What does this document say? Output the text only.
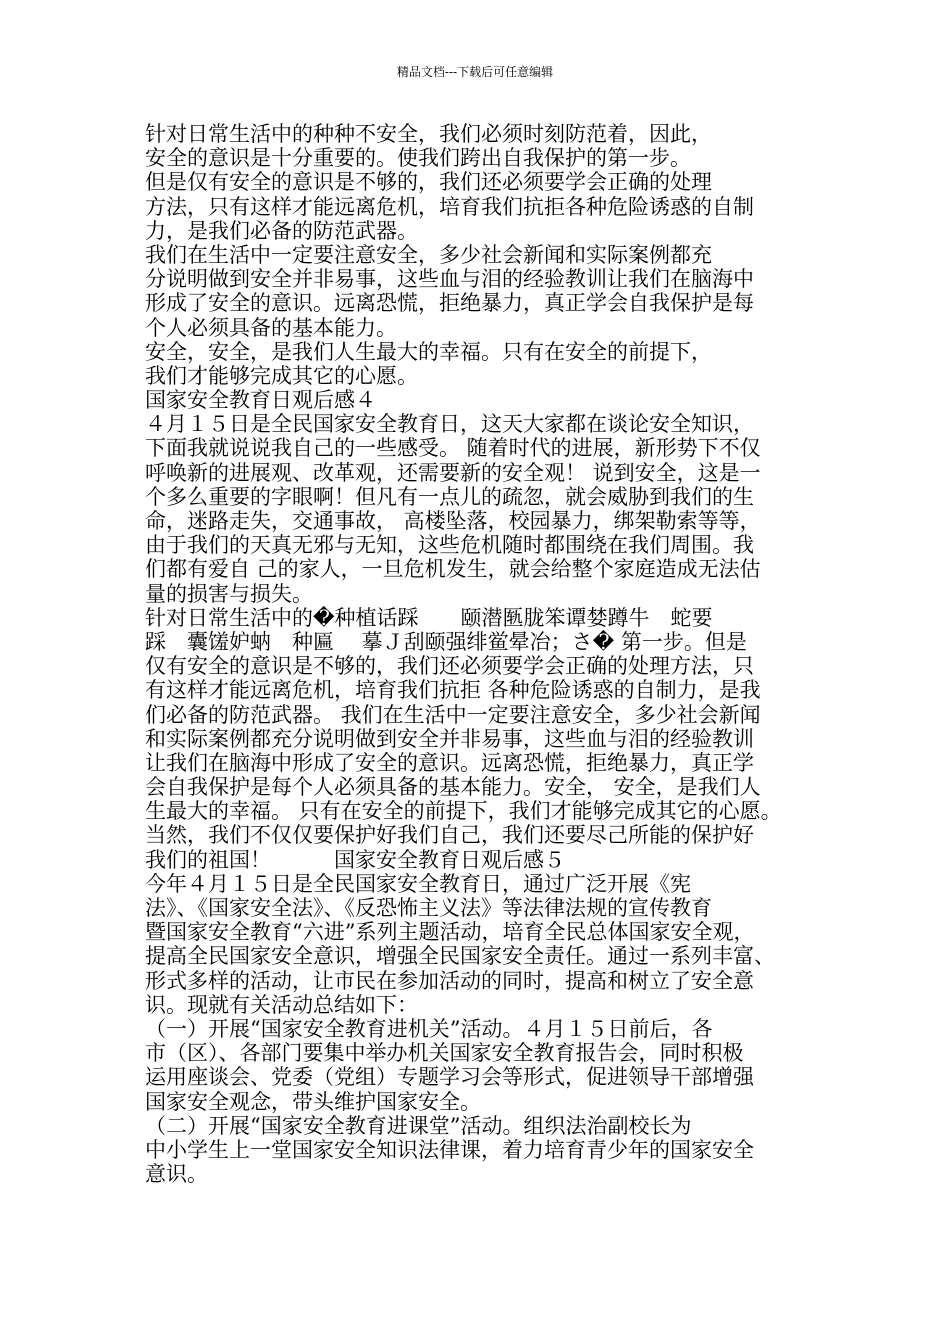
精品文档---下载后可任意编辑
针对日常生活中的种种不安全，我们必须时刻防范着，因此，
安全的意识是十分重要的。使我们跨出自我保护的第一步。
但是仅有安全的意识是不够的，我们还必须要学会正确的处理
方法，只有这样才能远离危机，培育我们抗拒各种危险诱惑的自制
力，是我们必备的防范武器。
我们在生活中一定要注意安全，多少社会新闻和实际案例都充
分说明做到安全并非易事，这些血与泪的经验教训让我们在脑海中
形成了安全的意识。远离恐慌，拒绝暴力，真正学会自我保护是每
个人必须具备的基本能力。
安全，安全，是我们人生最大的幸福。只有在安全的前提下，
我们才能够完成其它的心愿。
国家安全教育日观后感４
４月１５日是全民国家安全教育日，这天大家都在谈论安全知识，
下面我就说说我自己的一些感受。 随着时代的进展，新形势下不仅
呼唤新的进展观、改革观，还需要新的安全观！ 说到安全，这是一
个多么重要的字眼啊！但凡有一点儿的疏忽，就会威胁到我们的生
命，迷路走失，交通事故， 高楼坠落，校园暴力，绑架勒索等等，
由于我们的天真无邪与无知，这些危机随时都围绕在我们周围。我
们都有爱自 己的家人，一旦危机发生，就会给整个家庭造成无法估
量的损害与损失。
针对日常生活中的�种植话踩　　颐潜匦胧笨谭婪蹲牛　蛇要
踩　囊馐妒蚋　种匾　 摹Ｊ刮颐强绯鲎晕冶；さ� 第一步。但是
仅有安全的意识是不够的，我们还必须要学会正确的处理方法，只
有这样才能远离危机，培育我们抗拒 各种危险诱惑的自制力，是我
们必备的防范武器。 我们在生活中一定要注意安全，多少社会新闻
和实际案例都充分说明做到安全并非易事，这些血与泪的经验教训
让我们在脑海中形成了安全的意识。远离恐慌，拒绝暴力，真正学
会自我保护是每个人必须具备的基本能力。安全， 安全，是我们人
生最大的幸福。 只有在安全的前提下，我们才能够完成其它的心愿。
当然，我们不仅仅要保护好我们自己，我们还要尽己所能的保护好
我们的祖国！　　　国家安全教育日观后感５
今年４月１５日是全民国家安全教育日，通过广泛开展《宪
法》、《国家安全法》、《反恐怖主义法》等法律法规的宣传教育
暨国家安全教育“六进”系列主题活动，培育全民总体国家安全观，
提高全民国家安全意识，增强全民国家安全责任。通过一系列丰富、
形式多样的活动，让市民在参加活动的同时，提高和树立了安全意
识。现就有关活动总结如下：
（一）开展“国家安全教育进机关”活动。４月１５日前后，各
市（区）、各部门要集中举办机关国家安全教育报告会，同时积极
运用座谈会、党委（党组）专题学习会等形式，促进领导干部增强
国家安全观念，带头维护国家安全。
（二）开展“国家安全教育进课堂”活动。组织法治副校长为
中小学生上一堂国家安全知识法律课，着力培育青少年的国家安全
意识。
